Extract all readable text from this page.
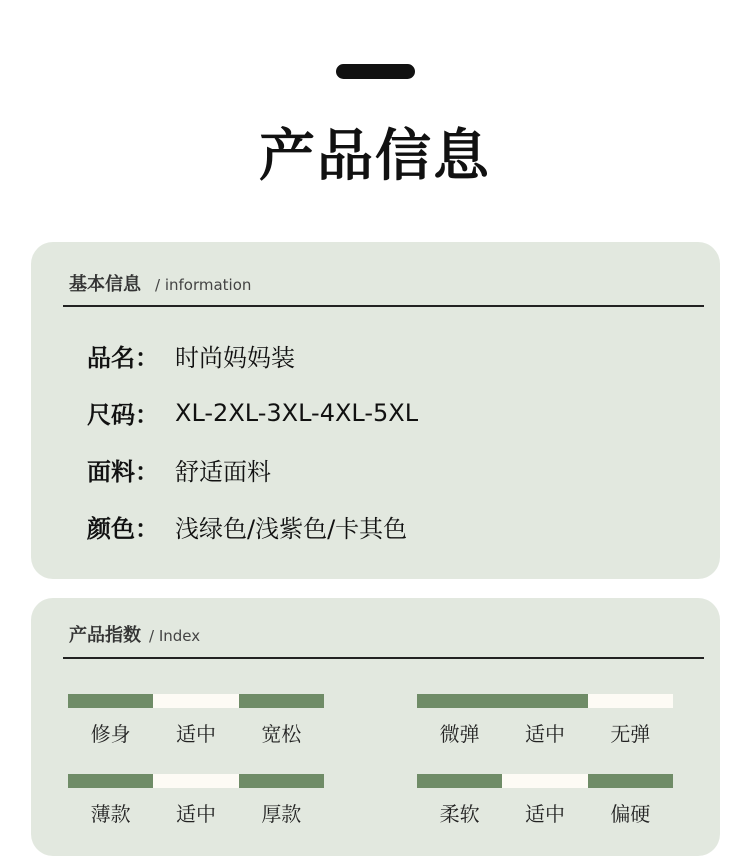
产品信息
基本信息 / information
品名： 时尚妈妈装
尺码： XL-2XL-3XL-4XL-5XL
面料： 舒适面料
颜色： 浅绿色/浅紫色/卡其色
产品指数 / Index
修身	适中	宽松	微弹	适中	无弹
薄款	适中	厚款	柔软	适中	偏硬
